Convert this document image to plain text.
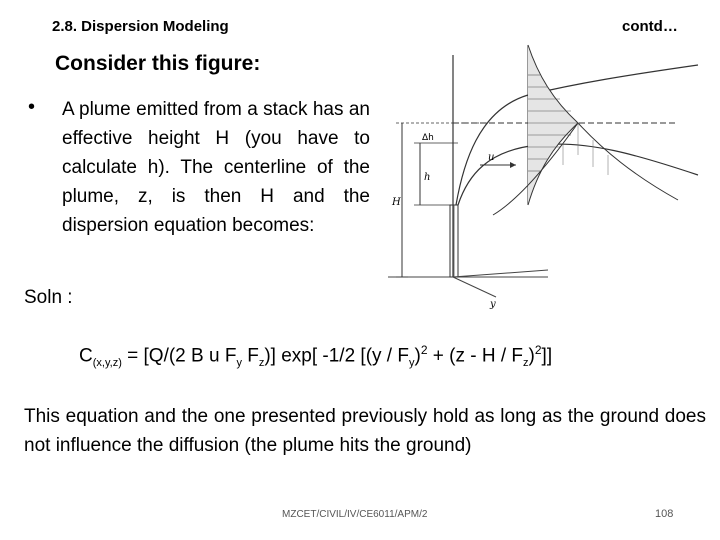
2.8. Dispersion Modeling	contd…
Consider this figure:
• A plume emitted from a stack has an effective height H (you have to calculate h). The centerline of the plume, z, is then H and the dispersion equation becomes:
Δh
h
H
u
y
Soln :
$C_{(x,y,z)} = [Q/(2$ B u $F_y$ $F_z$)] exp[ -1/2 $[(y / F_y)^2 + (z - H / F_z)^2]$]
This equation and the one presented previously hold as long as the ground does not influence the diffusion (the plume hits the ground)
MZCET/CIVIL/IV/CE6011/APM/2	108
